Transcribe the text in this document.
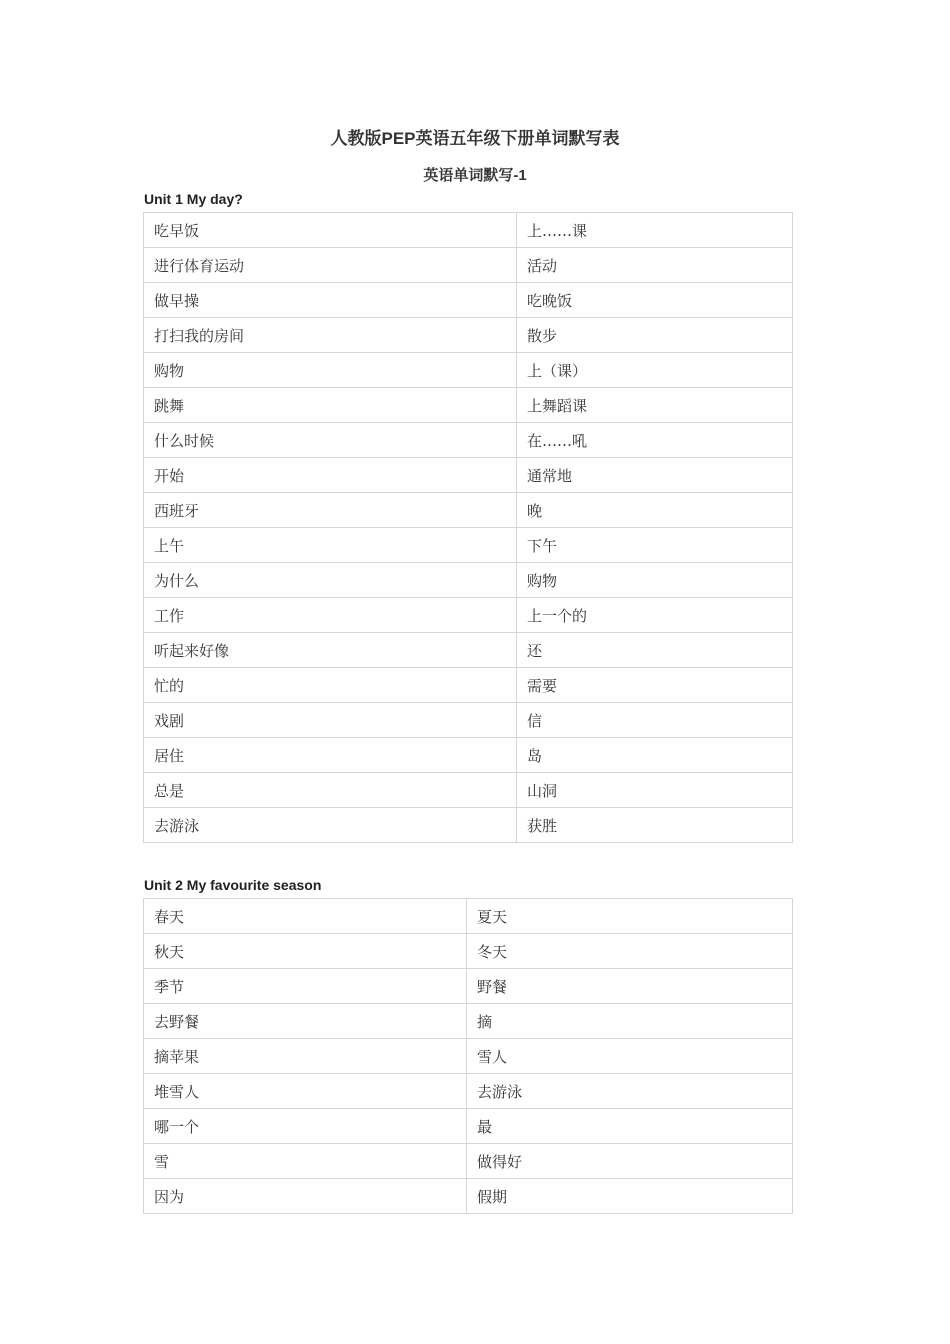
人教版PEP英语五年级下册单词默写表
英语单词默写-1
Unit 1 My day?
吃早饭	上……课
进行体育运动	活动
做早操	吃晚饭
打扫我的房间	散步
购物	上（课）
跳舞	上舞蹈课
什么时候	在……吼
开始	通常地
西班牙	晚
上午	下午
为什么	购物
工作	上一个的
听起来好像	还
忙的	需要
戏剧	信
居住	岛
总是	山洞
去游泳	获胜
Unit 2 My favourite season
春天	夏天
秋天	冬天
季节	野餐
去野餐	摘
摘苹果	雪人
堆雪人	去游泳
哪一个	最
雪	做得好
因为	假期
